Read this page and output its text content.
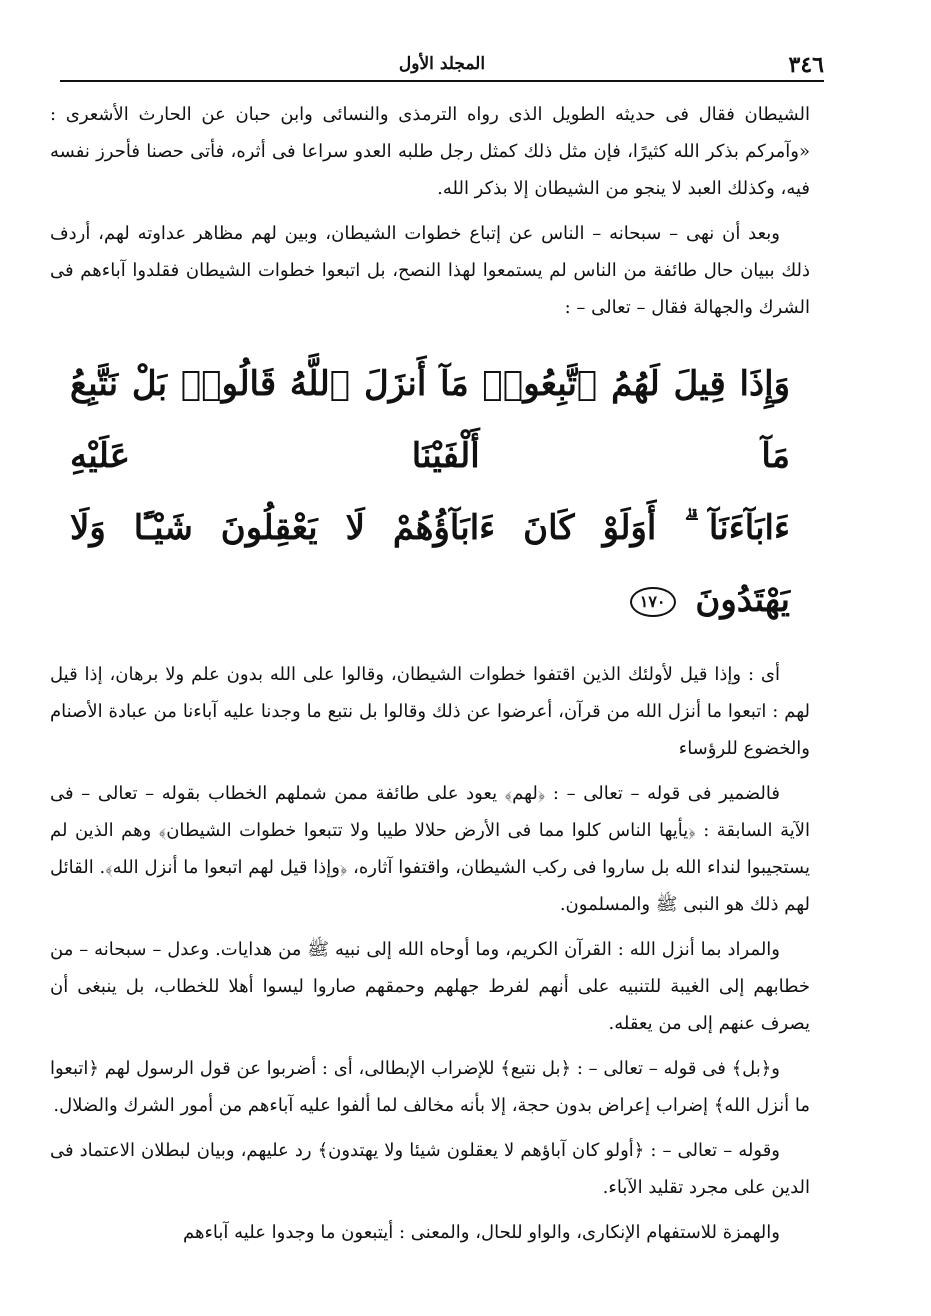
٣٤٦
المجلد الأول

الشيطان فقال فى حديثه الطويل الذى رواه الترمذى والنسائى وابن حبان عن الحارث الأشعرى : «وآمركم بذكر الله كثيرًا، فإن مثل ذلك كمثل رجل طلبه العدو سراعا فى أثره، فأتى حصنا فأحرز نفسه فيه، وكذلك العبد لا ينجو من الشيطان إلا بذكر الله.

وبعد أن نهى – سبحانه – الناس عن إتباع خطوات الشيطان، وبين لهم مظاهر عداوته لهم، أردف ذلك ببيان حال طائفة من الناس لم يستمعوا لهذا النصح، بل اتبعوا خطوات الشيطان فقلدوا آباءهم فى الشرك والجهالة فقال – تعالى – :

وَإِذَا قِيلَ لَهُمُ ٱتَّبِعُوا۟ مَآ أَنزَلَ ٱللَّهُ قَالُوا۟ بَلْ نَتَّبِعُ مَآ أَلْفَيْنَا عَلَيْهِ
ءَابَآءَنَآ ۗ أَوَلَوْ كَانَ ءَابَآؤُهُمْ لَا يَعْقِلُونَ شَيْـًٔا وَلَا
يَهْتَدُونَ ١٧٠

أى : وإذا قيل لأولئك الذين اقتفوا خطوات الشيطان، وقالوا على الله بدون علم ولا برهان، إذا قيل لهم : اتبعوا ما أنزل الله من قرآن، أعرضوا عن ذلك وقالوا بل نتبع ما وجدنا عليه آباءنا من عبادة الأصنام والخضوع للرؤساء

فالضمير فى قوله – تعالى – : ﴿لهم﴾ يعود على طائفة ممن شملهم الخطاب بقوله – تعالى – فى الآية السابقة : ﴿يأيها الناس كلوا مما فى الأرض حلالا طيبا ولا تتبعوا خطوات الشيطان﴾ وهم الذين لم يستجيبوا لنداء الله بل ساروا فى ركب الشيطان، واقتفوا آثاره، ﴿وإذا قيل لهم اتبعوا ما أنزل الله﴾. القائل لهم ذلك هو النبى ﷺ والمسلمون.

والمراد بما أنزل الله : القرآن الكريم، وما أوحاه الله إلى نبيه ﷺ من هدايات. وعدل – سبحانه – من خطابهم إلى الغيبة للتنبيه على أنهم لفرط جهلهم وحمقهم صاروا ليسوا أهلا للخطاب، بل ينبغى أن يصرف عنهم إلى من يعقله.

و﴿بل﴾ فى قوله – تعالى – : ﴿بل نتبع﴾ للإضراب الإبطالى، أى : أضربوا عن قول الرسول لهم ﴿اتبعوا ما أنزل الله﴾ إضراب إعراض بدون حجة، إلا بأنه مخالف لما ألفوا عليه آباءهم من أمور الشرك والضلال.

وقوله – تعالى – : ﴿أولو كان آباؤهم لا يعقلون شيئا ولا يهتدون﴾ رد عليهم، وبيان لبطلان الاعتماد فى الدين على مجرد تقليد الآباء.

والهمزة للاستفهام الإنكارى، والواو للحال، والمعنى : أيتبعون ما وجدوا عليه آباءهم
